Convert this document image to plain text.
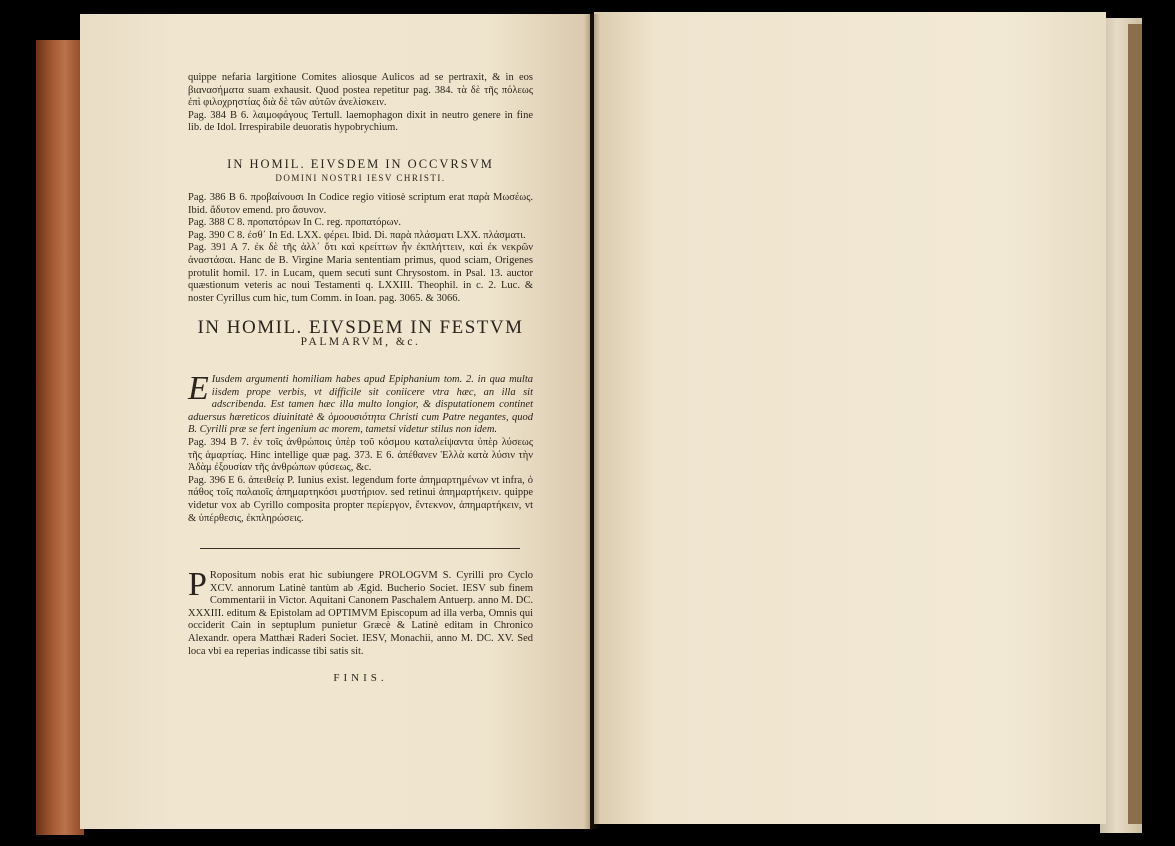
quippe nefaria largitione Comites aliosque Aulicos ad se pertraxit, & in eos βιανασήματα suam exhausit. Quod postea repetitur pag. 384. τὰ δὲ τῆς πόλεως ἐπὶ φιλοχρηστίας διὰ δὲ τῶν αὐτῶν ἀνελίσκειν.

Pag. 384 B 6. λαιμοφάγους Tertull. laemophagon dixit in neutro genere in fine lib. de Idol. Irrespirabile deuoratis hypobrychium.

IN HOMIL. EIVSDEM IN OCCVRSVM

DOMINI NOSTRI IESV CHRISTI.

Pag. 386 B 6. προβαίνουσι In Codice regio vitiosè scriptum erat παρὰ Μωσέως. Ibid. ἄδυτον emend. pro ἄσυνον.

Pag. 388 C 8. προπατόρων In C. reg. προπατόρων.

Pag. 390 C 8. ἐσθ᾽ In Ed. LXX. φέρει. Ibid. Di. παρὰ πλάσματι LXX. πλάσματι.

Pag. 391 A 7. ἐκ δὲ τῆς ἀλλ᾽ ὅτι καὶ κρείττων ἦν ἐκπλήττειν, καὶ ἐκ νεκρῶν ἀναστάσαι. Hanc de B. Virgine Maria sententiam primus, quod sciam, Origenes protulit homil. 17. in Lucam, quem secuti sunt Chrysostom. in Psal. 13. auctor quæstionum veteris ac noui Testamenti q. LXXIII. Theophil. in c. 2. Luc. & noster Cyrillus cum hic, tum Comm. in Ioan. pag. 3065. & 3066.

IN HOMIL. EIVSDEM IN FESTVM

PALMARVM, &c.

E Iusdem argumenti homiliam habes apud Epiphanium tom. 2. in qua multa iisdem prope verbis, vt difficile sit coniicere vtra hæc, an illa sit adscribenda. Est tamen hæc illa multo longior, & disputationem continet aduersus hæreticos diuinitatè & ὁμοουσιότητα Christi cum Patre negantes, quod B. Cyrilli præ se fert ingenium ac morem, tametsi videtur stilus non idem.

Pag. 394 B 7. ἐν τοῖς ἀνθρώποις ὑπὲρ τοῦ κόσμου καταλείψαντα ὑπὲρ λύσεως τῆς ἁμαρτίας. Hinc intellige quæ pag. 373. E 6. ἀπέθανεν Ἑλλὰ κατὰ λύσιν τὴν Ἀδὰμ ἐξουσίαν τῆς ἀνθρώπων φύσεως, &c.

Pag. 396 E 6. ἀπειθείᾳ P. Iunius exist. legendum forte ἀπημαρτημένων vt infra, ὁ πάθος τοῖς παλαιοῖς ἀπημαρτηκόσι μυστήριον. sed retinui ἀπημαρτήκειν. quippe videtur vox ab Cyrillo composita propter περίεργον, ἔντεκνον, ἀπημαρτήκειν, vt & ὑπέρθεσις, ἐκπληρώσεις.

P Ropositum nobis erat hic subiungere PROLOGVM S. Cyrilli pro Cyclo XCV. annorum Latinè tantùm ab Ægid. Bucherio Societ. IESV sub finem Commentarii in Victor. Aquitani Canonem Paschalem Antuerp. anno M. DC. XXXIII. editum & Epistolam ad OPTIMVM Episcopum ad illa verba, Omnis qui occiderit Cain in septuplum punietur Græcè & Latinè editam in Chronico Alexandr. opera Matthæi Raderi Societ. IESV, Monachii, anno M. DC. XV. Sed loca vbi ea reperias indicasse tibi satis sit.

FINIS.
